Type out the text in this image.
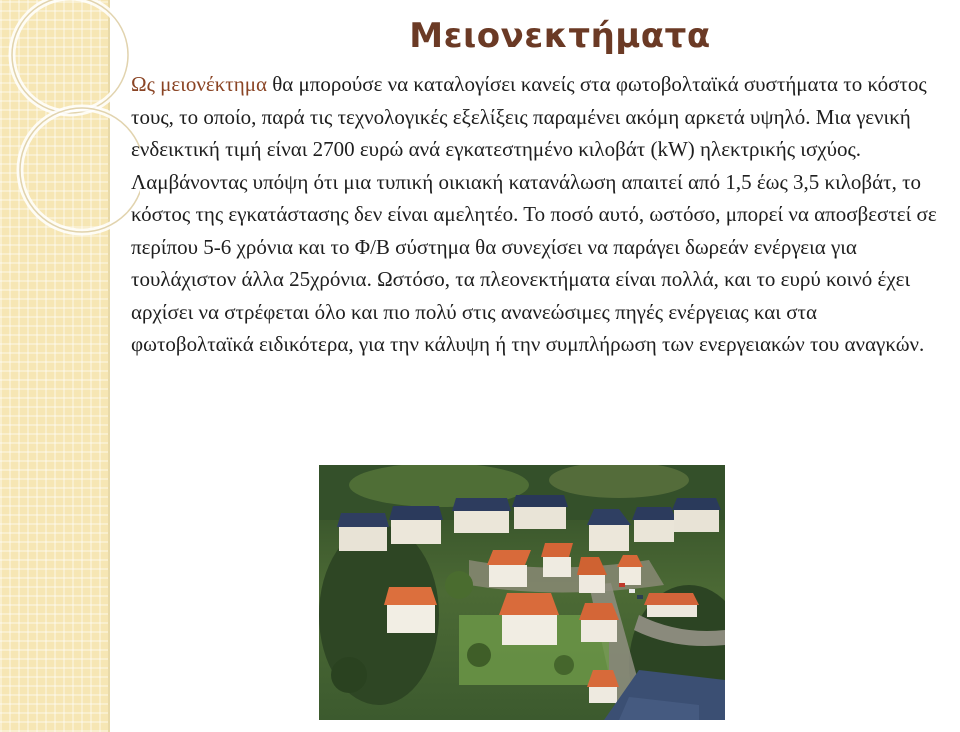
Μειονεκτήματα

Ως μειονέκτημα θα μπορούσε να καταλογίσει κανείς στα φωτοβολταϊκά συστήματα το κόστος τους, το οποίο, παρά τις τεχνολογικές εξελίξεις παραμένει ακόμη αρκετά υψηλό. Μια γενική ενδεικτική τιμή είναι 2700 ευρώ ανά εγκατεστημένο κιλοβάτ (kW) ηλεκτρικής ισχύος. Λαμβάνοντας υπόψη ότι μια τυπική οικιακή κατανάλωση απαιτεί από 1,5 έως 3,5 κιλοβάτ, το κόστος της εγκατάστασης δεν είναι αμελητέο. Το ποσό αυτό, ωστόσο, μπορεί να αποσβεστεί σε περίπου 5-6 χρόνια και το Φ/Β σύστημα θα συνεχίσει να παράγει δωρεάν ενέργεια για τουλάχιστον άλλα 25χρόνια. Ωστόσο, τα πλεονεκτήματα είναι πολλά, και το ευρύ κοινό έχει αρχίσει να στρέφεται όλο και πιο πολύ στις ανανεώσιμες πηγές ενέργειας και στα φωτοβολταϊκά ειδικότερα, για την κάλυψη ή την συμπλήρωση των ενεργειακών του αναγκών.
